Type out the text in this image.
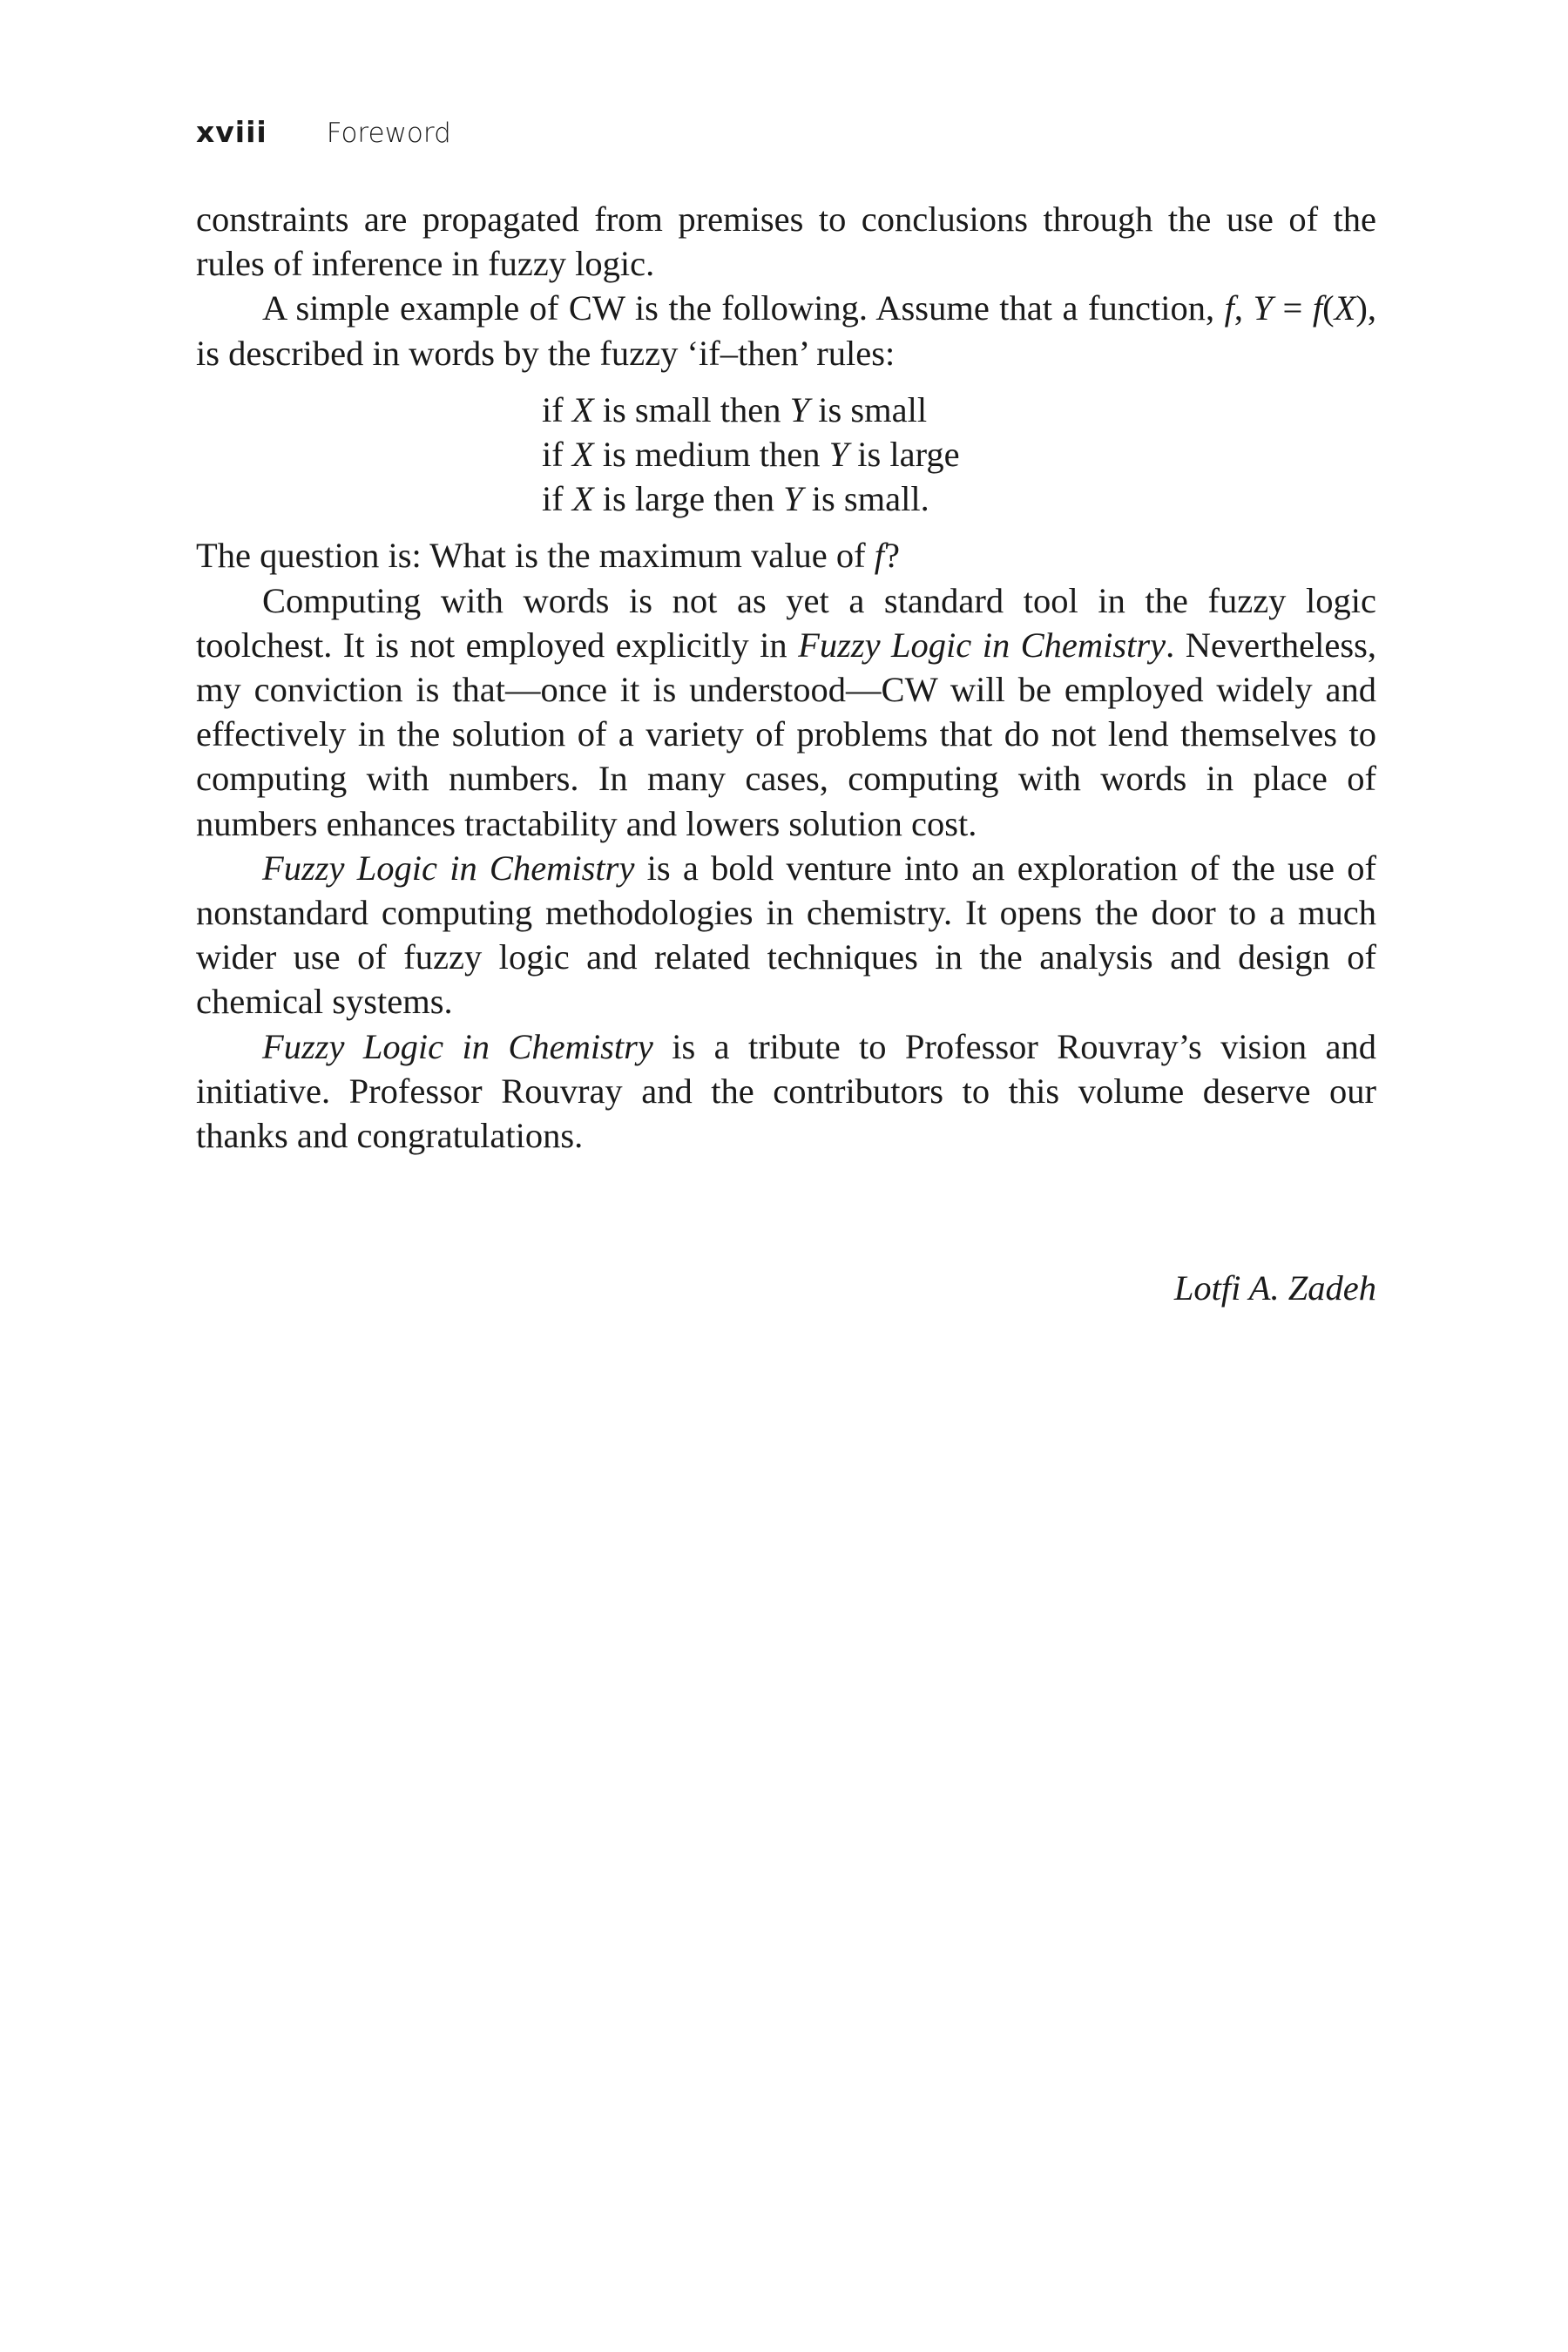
xviii Foreword

constraints are propagated from premises to conclusions through the use of the rules of inference in fuzzy logic.

A simple example of CW is the following. Assume that a function, f, Y = f(X), is described in words by the fuzzy ‘if–then’ rules:

if X is small then Y is small
if X is medium then Y is large
if X is large then Y is small.

The question is: What is the maximum value of f?

Computing with words is not as yet a standard tool in the fuzzy logic toolchest. It is not employed explicitly in Fuzzy Logic in Chemistry. Nevertheless, my conviction is that—once it is understood—CW will be employed widely and effectively in the solution of a variety of problems that do not lend themselves to computing with numbers. In many cases, computing with words in place of numbers enhances tractability and lowers solution cost.

Fuzzy Logic in Chemistry is a bold venture into an exploration of the use of nonstandard computing methodologies in chemistry. It opens the door to a much wider use of fuzzy logic and related techniques in the analysis and design of chemical systems.

Fuzzy Logic in Chemistry is a tribute to Professor Rouvray’s vision and initiative. Professor Rouvray and the contributors to this volume deserve our thanks and congratulations.

Lotfi A. Zadeh
